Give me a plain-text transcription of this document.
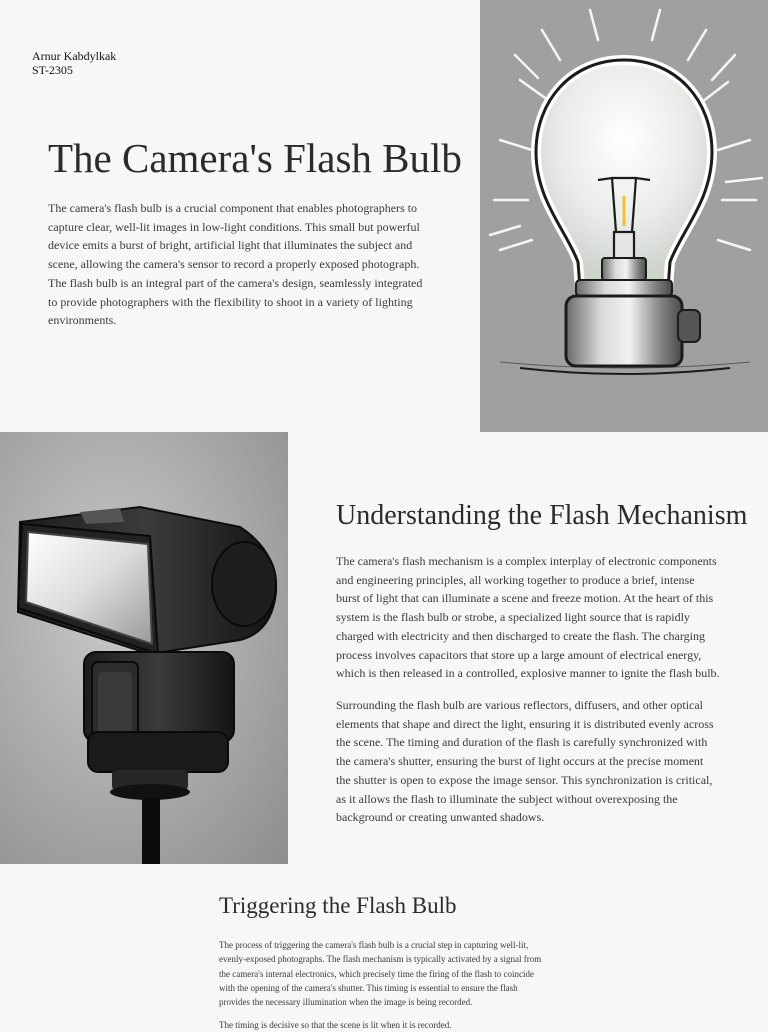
Arnur Kabdylkak
ST-2305
The Camera's Flash Bulb

The camera's flash bulb is a crucial component that enables photographers to capture clear, well-lit images in low-light conditions. This small but powerful device emits a burst of bright, artificial light that illuminates the subject and scene, allowing the camera's sensor to record a properly exposed photograph. The flash bulb is an integral part of the camera's design, seamlessly integrated to provide photographers with the flexibility to shoot in a variety of lighting environments.

Understanding the Flash Mechanism

The camera's flash mechanism is a complex interplay of electronic components and engineering principles, all working together to produce a brief, intense burst of light that can illuminate a scene and freeze motion. At the heart of this system is the flash bulb or strobe, a specialized light source that is rapidly charged with electricity and then discharged to create the flash. The charging process involves capacitors that store up a large amount of electrical energy, which is then released in a controlled, explosive manner to ignite the flash bulb.

Surrounding the flash bulb are various reflectors, diffusers, and other optical elements that shape and direct the light, ensuring it is distributed evenly across the scene. The timing and duration of the flash is carefully synchronized with the camera's shutter, ensuring the burst of light occurs at the precise moment the shutter is open to expose the image sensor. This synchronization is critical, as it allows the flash to illuminate the subject without overexposing the background or creating unwanted shadows.

Triggering the Flash Bulb

The process of triggering the camera's flash bulb is a crucial step in capturing well-lit, evenly-exposed photographs. The flash mechanism is typically activated by a signal from the camera's internal electronics, which precisely time the firing of the flash to coincide with the opening of the camera's shutter. This timing is essential to ensure the flash provides the necessary illumination when the image is being recorded.

The timing is decisive so that the scene is lit when it is recorded.
